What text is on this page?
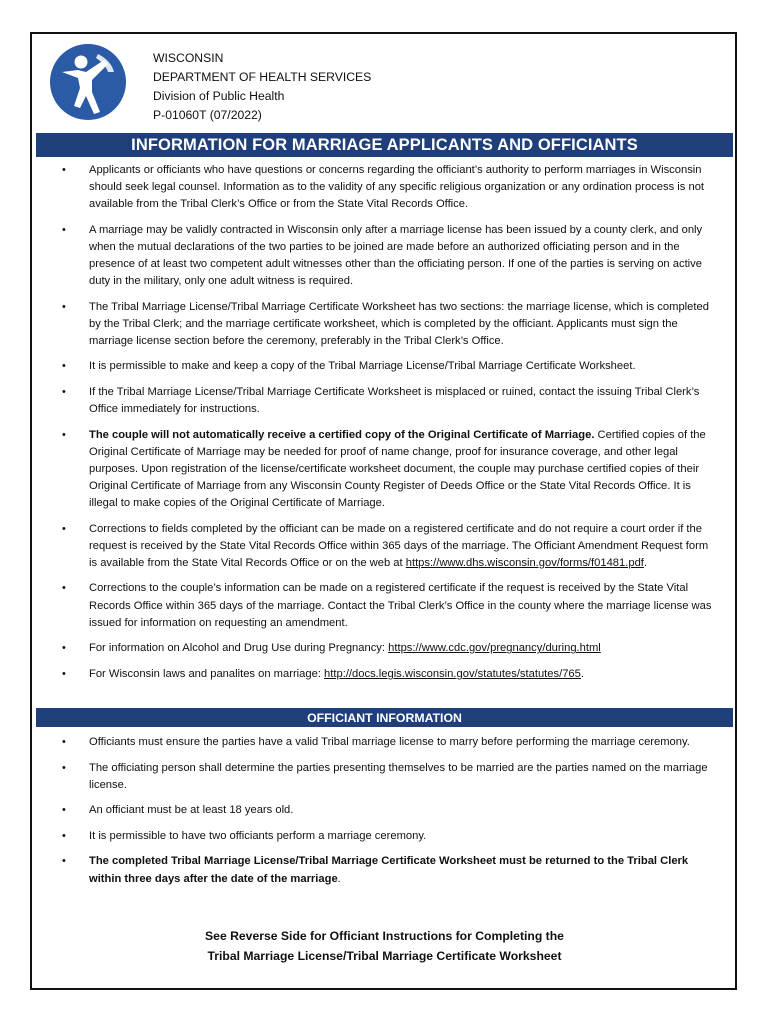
WISCONSIN
DEPARTMENT OF HEALTH SERVICES
Division of Public Health
P-01060T (07/2022)
INFORMATION FOR MARRIAGE APPLICANTS AND OFFICIANTS
• Applicants or officiants who have questions or concerns regarding the officiant’s authority to perform marriages in Wisconsin should seek legal counsel. Information as to the validity of any specific religious organization or any ordination process is not available from the Tribal Clerk’s Office or from the State Vital Records Office.
• A marriage may be validly contracted in Wisconsin only after a marriage license has been issued by a county clerk, and only when the mutual declarations of the two parties to be joined are made before an authorized officiating person and in the presence of at least two competent adult witnesses other than the officiating person. If one of the parties is serving on active duty in the military, only one adult witness is required.
• The Tribal Marriage License/Tribal Marriage Certificate Worksheet has two sections: the marriage license, which is completed by the Tribal Clerk; and the marriage certificate worksheet, which is completed by the officiant. Applicants must sign the marriage license section before the ceremony, preferably in the Tribal Clerk’s Office.
• It is permissible to make and keep a copy of the Tribal Marriage License/Tribal Marriage Certificate Worksheet.
• If the Tribal Marriage License/Tribal Marriage Certificate Worksheet is misplaced or ruined, contact the issuing Tribal Clerk’s Office immediately for instructions.
• The couple will not automatically receive a certified copy of the Original Certificate of Marriage. Certified copies of the Original Certificate of Marriage may be needed for proof of name change, proof for insurance coverage, and other legal purposes. Upon registration of the license/certificate worksheet document, the couple may purchase certified copies of their Original Certificate of Marriage from any Wisconsin County Register of Deeds Office or the State Vital Records Office. It is illegal to make copies of the Original Certificate of Marriage.
• Corrections to fields completed by the officiant can be made on a registered certificate and do not require a court order if the request is received by the State Vital Records Office within 365 days of the marriage. The Officiant Amendment Request form is available from the State Vital Records Office or on the web at https://www.dhs.wisconsin.gov/forms/f01481.pdf.
• Corrections to the couple’s information can be made on a registered certificate if the request is received by the State Vital Records Office within 365 days of the marriage. Contact the Tribal Clerk’s Office in the county where the marriage license was issued for information on requesting an amendment.
• For information on Alcohol and Drug Use during Pregnancy: https://www.cdc.gov/pregnancy/during.html
• For Wisconsin laws and panalites on marriage: http://docs.legis.wisconsin.gov/statutes/statutes/765.
OFFICIANT INFORMATION
• Officiants must ensure the parties have a valid Tribal marriage license to marry before performing the marriage ceremony.
• The officiating person shall determine the parties presenting themselves to be married are the parties named on the marriage license.
• An officiant must be at least 18 years old.
• It is permissible to have two officiants perform a marriage ceremony.
• The completed Tribal Marriage License/Tribal Marriage Certificate Worksheet must be returned to the Tribal Clerk within three days after the date of the marriage.
See Reverse Side for Officiant Instructions for Completing the
Tribal Marriage License/Tribal Marriage Certificate Worksheet
